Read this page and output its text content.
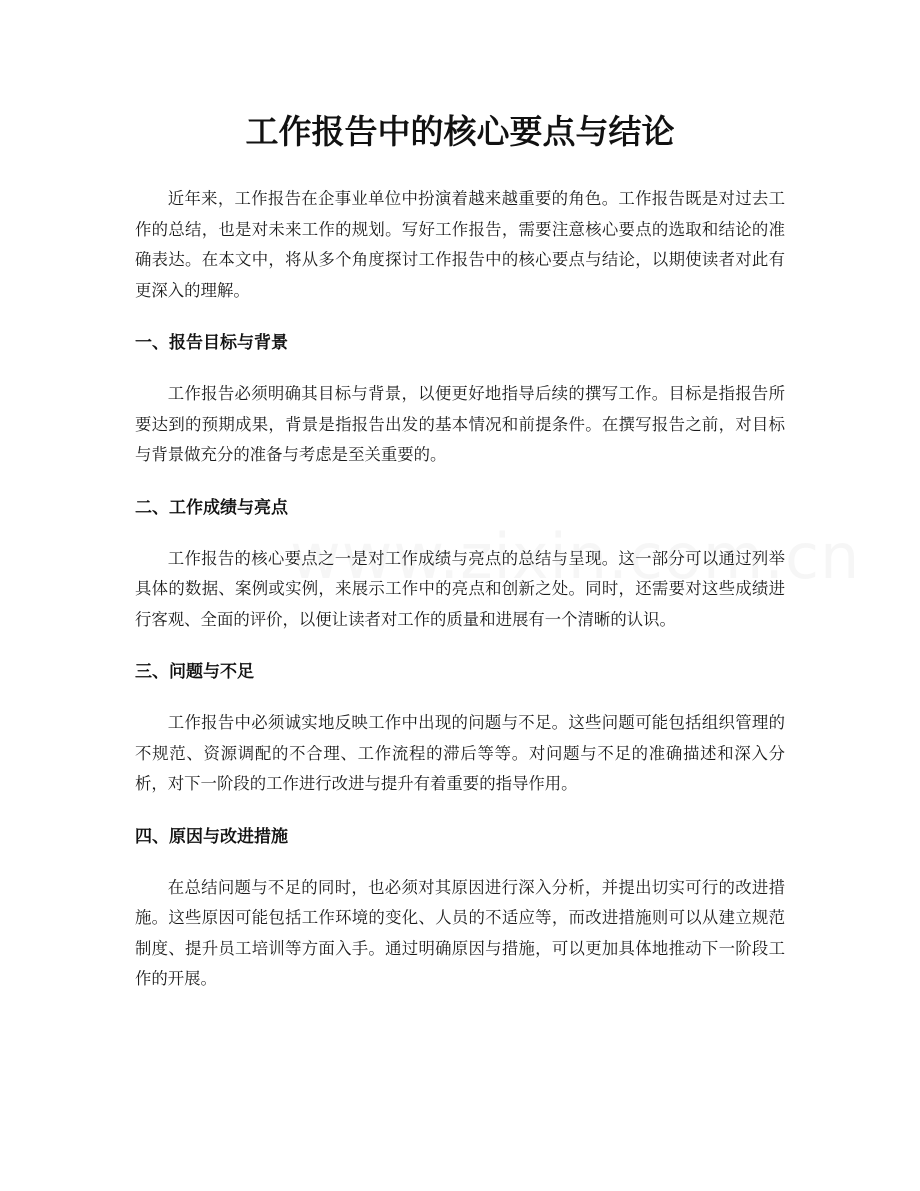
工作报告中的核心要点与结论

近年来，工作报告在企事业单位中扮演着越来越重要的角色。工作报告既是对过去工作的总结，也是对未来工作的规划。写好工作报告，需要注意核心要点的选取和结论的准确表达。在本文中，将从多个角度探讨工作报告中的核心要点与结论，以期使读者对此有更深入的理解。

一、报告目标与背景

工作报告必须明确其目标与背景，以便更好地指导后续的撰写工作。目标是指报告所要达到的预期成果，背景是指报告出发的基本情况和前提条件。在撰写报告之前，对目标与背景做充分的准备与考虑是至关重要的。

二、工作成绩与亮点

工作报告的核心要点之一是对工作成绩与亮点的总结与呈现。这一部分可以通过列举具体的数据、案例或实例，来展示工作中的亮点和创新之处。同时，还需要对这些成绩进行客观、全面的评价，以便让读者对工作的质量和进展有一个清晰的认识。

三、问题与不足

工作报告中必须诚实地反映工作中出现的问题与不足。这些问题可能包括组织管理的不规范、资源调配的不合理、工作流程的滞后等等。对问题与不足的准确描述和深入分析，对下一阶段的工作进行改进与提升有着重要的指导作用。

四、原因与改进措施

在总结问题与不足的同时，也必须对其原因进行深入分析，并提出切实可行的改进措施。这些原因可能包括工作环境的变化、人员的不适应等，而改进措施则可以从建立规范制度、提升员工培训等方面入手。通过明确原因与措施，可以更加具体地推动下一阶段工作的开展。
